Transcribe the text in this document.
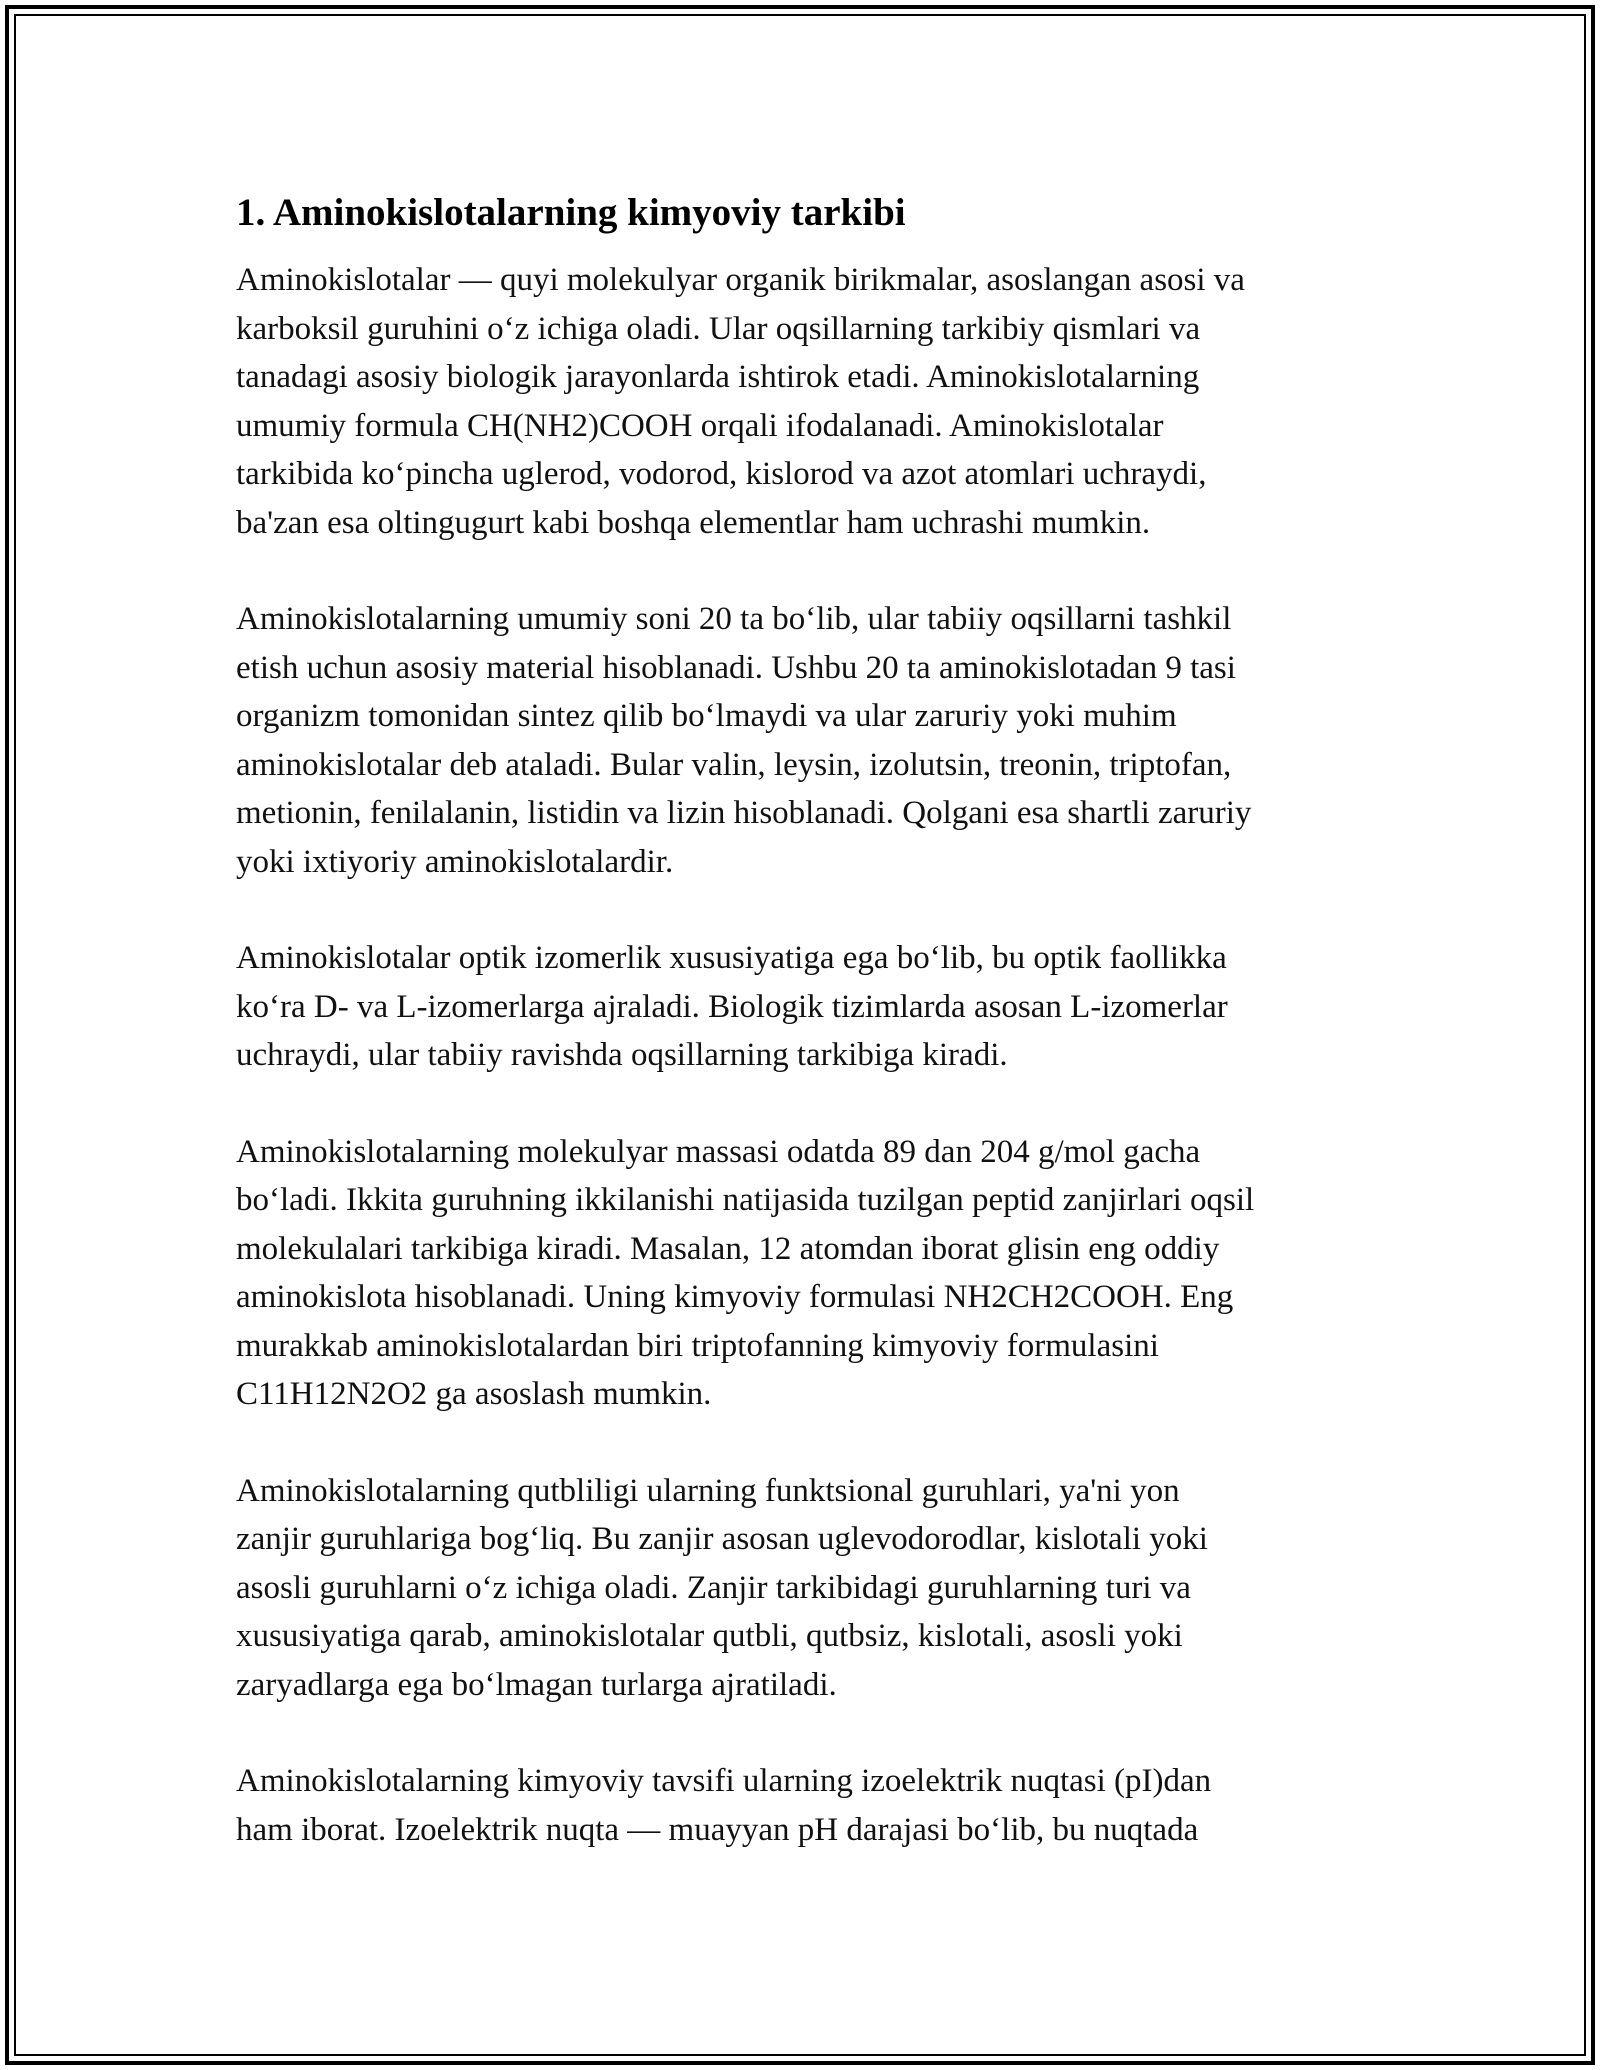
1. Aminokislotalarning kimyoviy tarkibi

Aminokislotalar — quyi molekulyar organik birikmalar, asoslangan asosi va
karboksil guruhini o‘z ichiga oladi. Ular oqsillarning tarkibiy qismlari va
tanadagi asosiy biologik jarayonlarda ishtirok etadi. Aminokislotalarning
umumiy formula CH(NH2)COOH orqali ifodalanadi. Aminokislotalar
tarkibida ko‘pincha uglerod, vodorod, kislorod va azot atomlari uchraydi,
ba'zan esa oltingugurt kabi boshqa elementlar ham uchrashi mumkin.

Aminokislotalarning umumiy soni 20 ta bo‘lib, ular tabiiy oqsillarni tashkil
etish uchun asosiy material hisoblanadi. Ushbu 20 ta aminokislotadan 9 tasi
organizm tomonidan sintez qilib bo‘lmaydi va ular zaruriy yoki muhim
aminokislotalar deb ataladi. Bular valin, leysin, izolutsin, treonin, triptofan,
metionin, fenilalanin, listidin va lizin hisoblanadi. Qolgani esa shartli zaruriy
yoki ixtiyoriy aminokislotalardir.

Aminokislotalar optik izomerlik xususiyatiga ega bo‘lib, bu optik faollikka
ko‘ra D- va L-izomerlarga ajraladi. Biologik tizimlarda asosan L-izomerlar
uchraydi, ular tabiiy ravishda oqsillarning tarkibiga kiradi.

Aminokislotalarning molekulyar massasi odatda 89 dan 204 g/mol gacha
bo‘ladi. Ikkita guruhning ikkilanishi natijasida tuzilgan peptid zanjirlari oqsil
molekulalari tarkibiga kiradi. Masalan, 12 atomdan iborat glisin eng oddiy
aminokislota hisoblanadi. Uning kimyoviy formulasi NH2CH2COOH. Eng
murakkab aminokislotalardan biri triptofanning kimyoviy formulasini
C11H12N2O2 ga asoslash mumkin.

Aminokislotalarning qutbliligi ularning funktsional guruhlari, ya'ni yon
zanjir guruhlariga bog‘liq. Bu zanjir asosan uglevodorodlar, kislotali yoki
asosli guruhlarni o‘z ichiga oladi. Zanjir tarkibidagi guruhlarning turi va
xususiyatiga qarab, aminokislotalar qutbli, qutbsiz, kislotali, asosli yoki
zaryadlarga ega bo‘lmagan turlarga ajratiladi.

Aminokislotalarning kimyoviy tavsifi ularning izoelektrik nuqtasi (pI)dan
ham iborat. Izoelektrik nuqta — muayyan pH darajasi bo‘lib, bu nuqtada
